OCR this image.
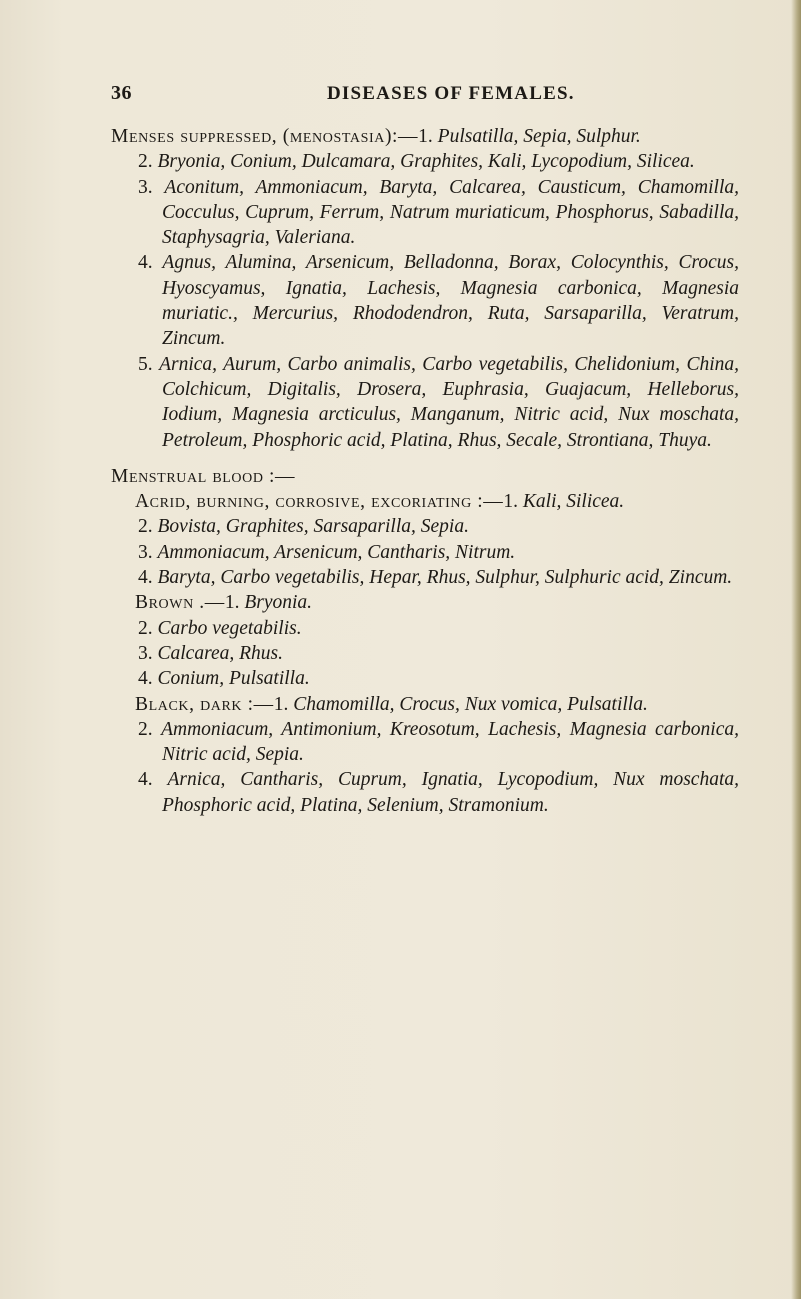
36	DISEASES OF FEMALES.
Menses suppressed, (menostasia):—1. Pulsatilla, Sepia, Sulphur.
2. Bryonia, Conium, Dulcamara, Graphites, Kali, Lycopodium, Silicea.
3. Aconitum, Ammoniacum, Baryta, Calcarea, Causticum, Chamomilla, Cocculus, Cuprum, Ferrum, Natrum muriaticum, Phosphorus, Sabadilla, Staphysagria, Valeriana.
4. Agnus, Alumina, Arsenicum, Belladonna, Borax, Colocynthis, Crocus, Hyoscyamus, Ignatia, Lachesis, Magnesia carbonica, Magnesia muriatic., Mercurius, Rhododendron, Ruta, Sarsaparilla, Veratrum, Zincum.
5. Arnica, Aurum, Carbo animalis, Carbo vegetabilis, Chelidonium, China, Colchicum, Digitalis, Drosera, Euphrasia, Guajacum, Helleborus, Iodium, Magnesia arcticulus, Manganum, Nitric acid, Nux moschata, Petroleum, Phosphoric acid, Platina, Rhus, Secale, Strontiana, Thuya.
Menstrual blood :—
Acrid, burning, corrosive, excoriating :—1. Kali, Silicea.
2. Bovista, Graphites, Sarsaparilla, Sepia.
3. Ammoniacum, Arsenicum, Cantharis, Nitrum.
4. Baryta, Carbo vegetabilis, Hepar, Rhus, Sulphur, Sulphuric acid, Zincum.
Brown .—1. Bryonia.
2. Carbo vegetabilis.
3. Calcarea, Rhus.
4. Conium, Pulsatilla.
Black, dark :—1. Chamomilla, Crocus, Nux vomica, Pulsatilla.
2. Ammoniacum, Antimonium, Kreosotum, Lachesis, Magnesia carbonica, Nitric acid, Sepia.
4. Arnica, Cantharis, Cuprum, Ignatia, Lycopodium, Nux moschata, Phosphoric acid, Platina, Selenium, Stramonium.
